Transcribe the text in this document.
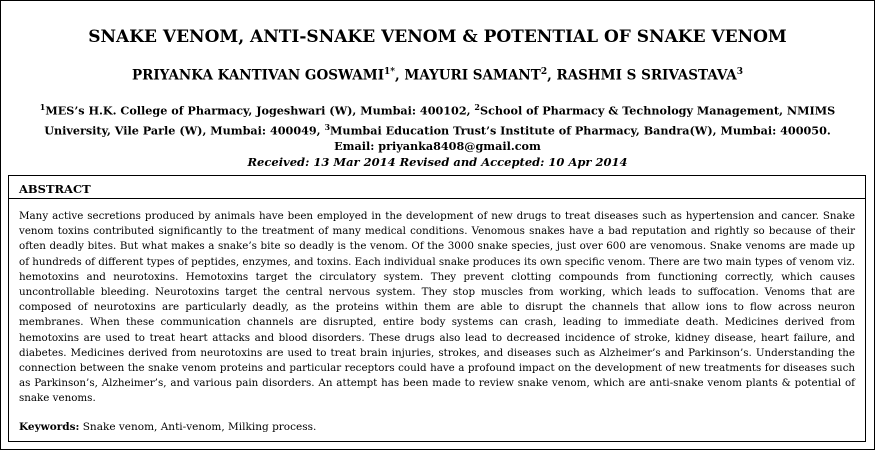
SNAKE VENOM, ANTI-SNAKE VENOM & POTENTIAL OF SNAKE VENOM
PRIYANKA KANTIVAN $GOSWAMI^{1*}$, MAYURI SAMANT$^2$, RASHMI S SRIVASTAVA$^3$
$^1$MES’s H.K. College of Pharmacy, Jogeshwari (W), Mumbai: 400102, $^2$School of Pharmacy & Technology Management, NMIMS University, Vile Parle (W), Mumbai: 400049, $^3$Mumbai Education Trust’s Institute of Pharmacy, Bandra(W), Mumbai: 400050.
Email: priyanka8408@gmail.com
Received: 13 Mar 2014 Revised and Accepted: 10 Apr 2014
ABSTRACT
Many active secretions produced by animals have been employed in the development of new drugs to treat diseases such as hypertension and cancer. Snake venom toxins contributed significantly to the treatment of many medical conditions. Venomous snakes have a bad reputation and rightly so because of their often deadly bites. But what makes a snake’s bite so deadly is the venom. Of the 3000 snake species, just over 600 are venomous. Snake venoms are made up of hundreds of different types of peptides, enzymes, and toxins. Each individual snake produces its own specific venom. There are two main types of venom viz. hemotoxins and neurotoxins. Hemotoxins target the circulatory system. They prevent clotting compounds from functioning correctly, which causes uncontrollable bleeding. Neurotoxins target the central nervous system. They stop muscles from working, which leads to suffocation. Venoms that are composed of neurotoxins are particularly deadly, as the proteins within them are able to disrupt the channels that allow ions to flow across neuron membranes. When these communication channels are disrupted, entire body systems can crash, leading to immediate death. Medicines derived from hemotoxins are used to treat heart attacks and blood disorders. These drugs also lead to decreased incidence of stroke, kidney disease, heart failure, and diabetes. Medicines derived from neurotoxins are used to treat brain injuries, strokes, and diseases such as Alzheimer’s and Parkinson’s. Understanding the connection between the snake venom proteins and particular receptors could have a profound impact on the development of new treatments for diseases such as Parkinson’s, Alzheimer’s, and various pain disorders. An attempt has been made to review snake venom, which are anti-snake venom plants & potential of snake venoms.
Keywords: Snake venom, Anti-venom, Milking process.
